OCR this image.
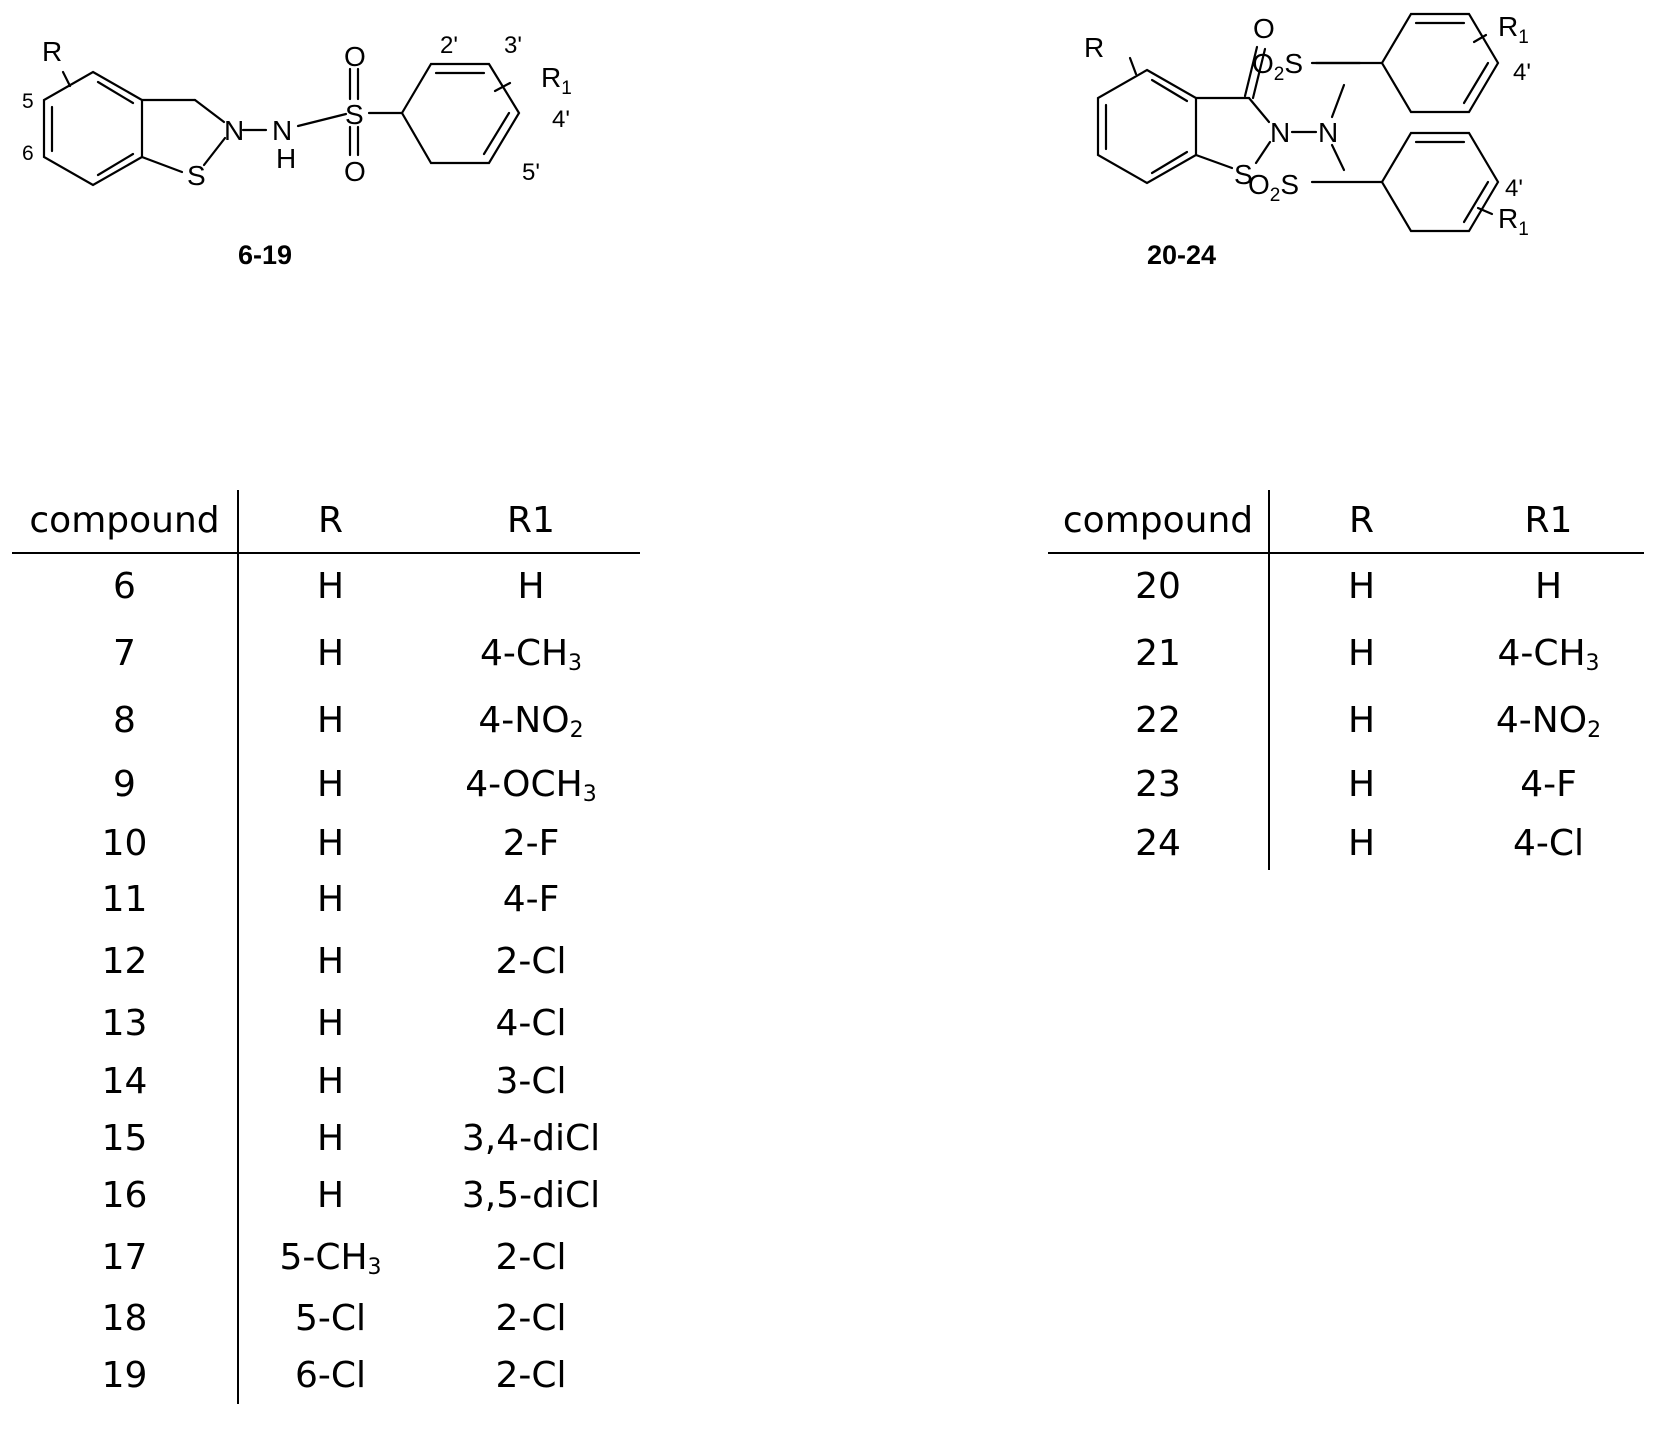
R
5
6
N N
H
S
S
O
O
2' 3'
$R_1$
4'
5'
6-19
O
R
N N
S
$O_2S$
$O_2S$
$R_1$
4'
4'
$R_1$
20-24
compound	R	R1
6	H	H
7	H	$4-CH_3$
8	H	$4-NO_2$
9	H	$4-OCH_3$
10	H	2-F
11	H	4-F
12	H	2-Cl
13	H	4-Cl
14	H	3-Cl
15	H	3,4-diCl
16	H	3,5-diCl
17	$5-CH_3$	2-Cl
18	5-Cl	2-Cl
19	6-Cl	2-Cl
compound	R	R1
20	H	H
21	H	$4-CH_3$
22	H	$4-NO_2$
23	H	4-F
24	H	4-Cl
